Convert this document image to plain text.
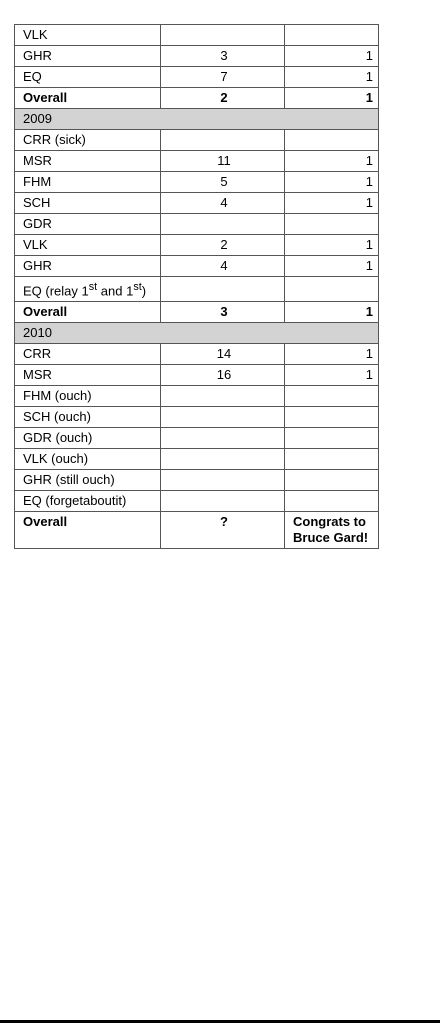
VLK		
GHR	3	1
EQ	7	1
Overall	2	1
2009		
CRR (sick)		
MSR	11	1
FHM	5	1
SCH	4	1
GDR		
VLK	2	1
GHR	4	1
EQ (relay 1st and 1st)		
Overall	3	1
2010		
CRR	14	1
MSR	16	1
FHM (ouch)		
SCH (ouch)		
GDR (ouch)		
VLK (ouch)		
GHR (still ouch)		
EQ (forgetaboutit)		
Overall	?	Congrats to
Bruce Gard!
